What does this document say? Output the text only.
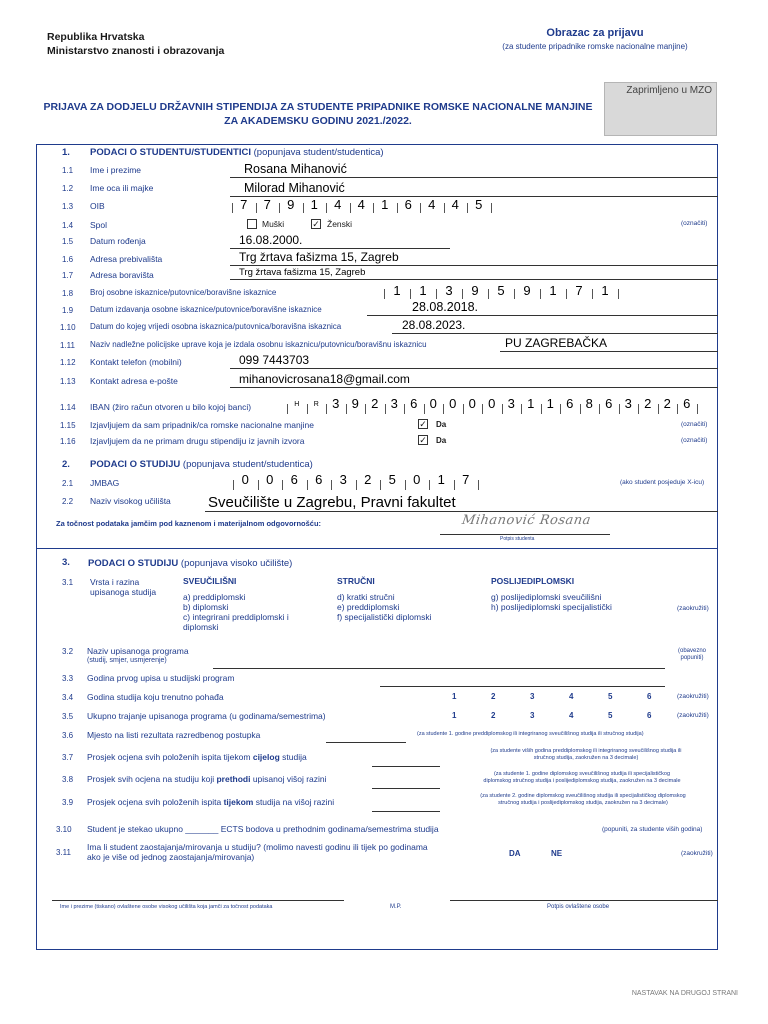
Republika Hrvatska
Ministarstvo znanosti i obrazovanja
Obrazac za prijavu
(za studente pripadnike romske nacionalne manjine)
Zaprimljeno u MZO
PRIJAVA ZA DODJELU DRŽAVNIH STIPENDIJA ZA STUDENTE PRIPADNIKE ROMSKE NACIONALNE MANJINE
ZA AKADEMSKU GODINU 2021./2022.
1. PODACI O STUDENTU/STUDENTICI (popunjava student/studentica)
1.1	Ime i prezime	Rosana Mihanović
1.2	Ime oca ili majke	Milorad Mihanović
1.3	OIB	7	7	9	1	4	4	1	6	4	4	5
1.4	Spol	Muški	✓ Ženski	(označiti)
1.5	Datum rođenja	16.08.2000.
1.6	Adresa prebivališta	Trg žrtava fašizma 15, Zagreb
1.7	Adresa boravišta	Trg žrtava fašizma 15, Zagreb
1.8	Broj osobne iskaznice/putovnice/boravišne iskaznice	1	1	3	9	5	9	1	7	1
1.9	Datum izdavanja osobne iskaznice/putovnice/boravišne iskaznice	28.08.2018.
1.10	Datum do kojeg vrijedi osobna iskaznica/putovnica/boravišna iskaznica	28.08.2023.
1.11	Naziv nadležne policijske uprave koja je izdala osobnu iskaznicu/putovnicu/boravišnu iskaznicu	PU ZAGREBAČKA
1.12	Kontakt telefon (mobilni)	099 7443703
1.13	Kontakt adresa e-pošte	mihanovicrosana18@gmail.com
1.14	IBAN (žiro račun otvoren u bilo kojoj banci)	H	R	3 9 2 3 6 0 0 0 0 3 1 1 6 8 6 3 2 2 6
1.15	Izjavljujem da sam pripadnik/ca romske nacionalne manjine	✓ Da	(označiti)
1.16	Izjavljujem da ne primam drugu stipendiju iz javnih izvora	✓ Da	(označiti)
2. PODACI O STUDIJU (popunjava student/studentica)
2.1	JMBAG	0	0	6	6	3	2	5	0	1	7	(ako student posjeduje X-icu)
2.2	Naziv visokog učilišta Sveučilište u Zagrebu, Pravni fakultet
Za točnost podataka jamčim pod kaznenom i materijalnom odgovornošću:	Mihanović Rosana
Potpis studenta
3. PODACI O STUDIJU (popunjava visoko učilište)
3.1	Vrsta i razina
upisanoga studija
SVEUČILIŠNI
a) preddiplomski
b) diplomski
c) integrirani preddiplomski i
diplomski
STRUČNI
d) kratki stručni
e) preddiplomski
f) specijalistički diplomski
POSLIJEDIPLOMSKI
g) poslijediplomski sveučilišni
h) poslijediplomski specijalistički	(zaokružiti)
3.2	Naziv upisanoga programa
(studij, smjer, usmjerenje)
(obavezno
popuniti)
3.3	Godina prvog upisa u studijski program
3.4	Godina studija koju trenutno pohađa	1	2	3	4	5	6	(zaokružiti)
3.5	Ukupno trajanje upisanoga programa (u godinama/semestrima)	1	2	3	4	5	6	(zaokružiti)
3.6	Mjesto na listi rezultata razredbenog postupka	(za studente 1. godine preddiplomskog ili integriranog sveučilišnog studija ili stručnog studija)
3.7	Prosjek ocjena svih položenih ispita tijekom cijelog studija
(za studente viših godina preddiplomskog ili integriranog sveučilišnog studija ili
stručnog studija, zaokružen na 3 decimale)
3.8	Prosjek svih ocjena na studiju koji prethodi upisanoj višoj razini	(za studente 1. godine diplomskog sveučilišnog studija ili specijalističkog
diplomskog stručnog studija i poslijediplomskog studija, zaokružen na 3 decimale
3.9	Prosjek ocjena svih položenih ispita tijekom studija na višoj razini
(za studente 2. godine diplomskog sveučilišnog studija ili specijalističkog diplomskog
stručnog studija i poslijediplomskog studija, zaokružen na 3 decimale)
3.10	Student je stekao ukupno _______ ECTS bodova u prethodnim godinama/semestrima studija	(popuniti, za studente viših godina)
3.11
Ima li student zaostajanja/mirovanja u studiju? (molimo navesti godinu ili tijek po godinama
ako je više od jednog zaostajanja/mirovanja)	DA	NE	(zaokružiti)
Ime i prezime (tiskano) ovlaštene osobe visokog učilišta koja jamči za točnost podataka	M.P.	Potpis ovlaštene osobe
NASTAVAK NA DRUGOJ STRANI
